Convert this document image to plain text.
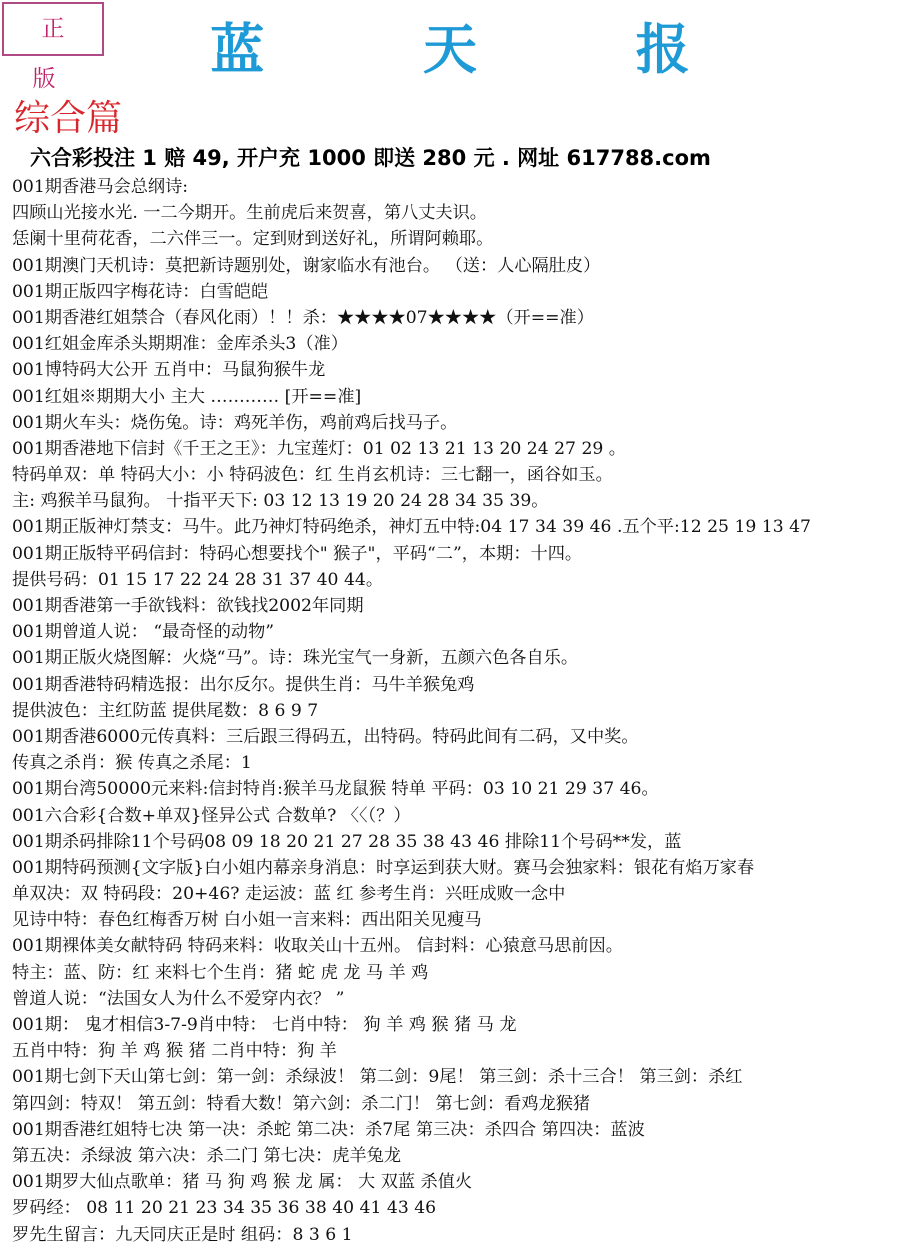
正 版	蓝 天 报
综合篇
六合彩投注 1 赔 49, 开户充 1000 即送 280 元 . 网址 617788.com
001期香港马会总纲诗:
四顾山光接水光. 一二今期开。生前虎后来贺喜，第八丈夫识。
恁阑十里荷花香，二六伴三一。定到财到送好礼，所谓阿赖耶。
001期澳门天机诗：莫把新诗题别处，谢家临水有池台。 （送：人心隔肚皮）
001期正版四字梅花诗：白雪皑皑
001期香港红姐禁合（春风化雨）！！杀：★★★★07★★★★（开==准）
001红姐金库杀头期期准：金库杀头3（准）
001博特码大公开 五肖中：马鼠狗猴牛龙
001红姐※期期大小 主大 ………… [开==准]
001期火车头：烧伤兔。诗：鸡死羊伤，鸡前鸡后找马子。
001期香港地下信封《千王之王》：九宝莲灯：01 02 13 21 13 20 24 27 29 。
特码单双：单 特码大小：小 特码波色：红 生肖玄机诗：三七翻一，函谷如玉。
主: 鸡猴羊马鼠狗。 十指平天下: 03 12 13 19 20 24 28 34 35 39。
001期正版神灯禁支：马牛。此乃神灯特码绝杀，神灯五中特:04 17 34 39 46 .五个平:12 25 19 13 47
001期正版特平码信封：特码心想要找个" 猴子"，平码“二”，本期：十四。
提供号码：01 15 17 22 24 28 31 37 40 44。
001期香港第一手欲钱料：欲钱找2002年同期
001期曾道人说： “最奇怪的动物”
001期正版火烧图解：火烧“马”。诗：珠光宝气一身新，五颜六色各自乐。
001期香港特码精选报：出尔反尔。提供生肖：马牛羊猴兔鸡
提供波色：主红防蓝 提供尾数：8 6 9 7
001期香港6000元传真料：三后跟三得码五，出特码。特码此间有二码，又中奖。
传真之杀肖：猴 传真之杀尾：1
001期台湾50000元来料:信封特肖:猴羊马龙鼠猴 特单 平码：03 10 21 29 37 46。
001六合彩{合数+单双}怪异公式 合数单? 〈〈（？）
001期杀码排除11个号码08 09 18 20 21 27 28 35 38 43 46 排除11个号码**发，蓝
001期特码预测{文字版}白小姐内幕亲身消息：时享运到获大财。赛马会独家料：银花有焰万家春
单双决：双 特码段：20+46? 走运波：蓝 红 参考生肖：兴旺成败一念中
见诗中特：春色红梅香万树 白小姐一言来料：西出阳关见瘦马
001期裸体美女献特码 特码来料：收取关山十五州。 信封料：心猿意马思前因。
特主：蓝、防：红 来料七个生肖：猪 蛇 虎 龙 马 羊 鸡
曾道人说：“法国女人为什么不爱穿内衣？ ”
001期： 鬼才相信3-7-9肖中特： 七肖中特： 狗 羊 鸡 猴 猪 马 龙
五肖中特：狗 羊 鸡 猴 猪 二肖中特：狗 羊
001期七剑下天山第七剑：第一剑：杀绿波！ 第二剑：9尾！ 第三剑：杀十三合！ 第三剑：杀红
第四剑：特双！ 第五剑：特看大数！第六剑：杀二门！ 第七剑：看鸡龙猴猪
001期香港红姐特七决 第一决：杀蛇 第二决：杀7尾 第三决：杀四合 第四决：蓝波
第五决：杀绿波 第六决：杀二门 第七决：虎羊兔龙
001期罗大仙点歌单：猪 马 狗 鸡 猴 龙 属： 大 双蓝 杀值火
罗码经： 08 11 20 21 23 34 35 36 38 40 41 43 46
罗先生留言：九天同庆正是时 组码：8 3 6 1
